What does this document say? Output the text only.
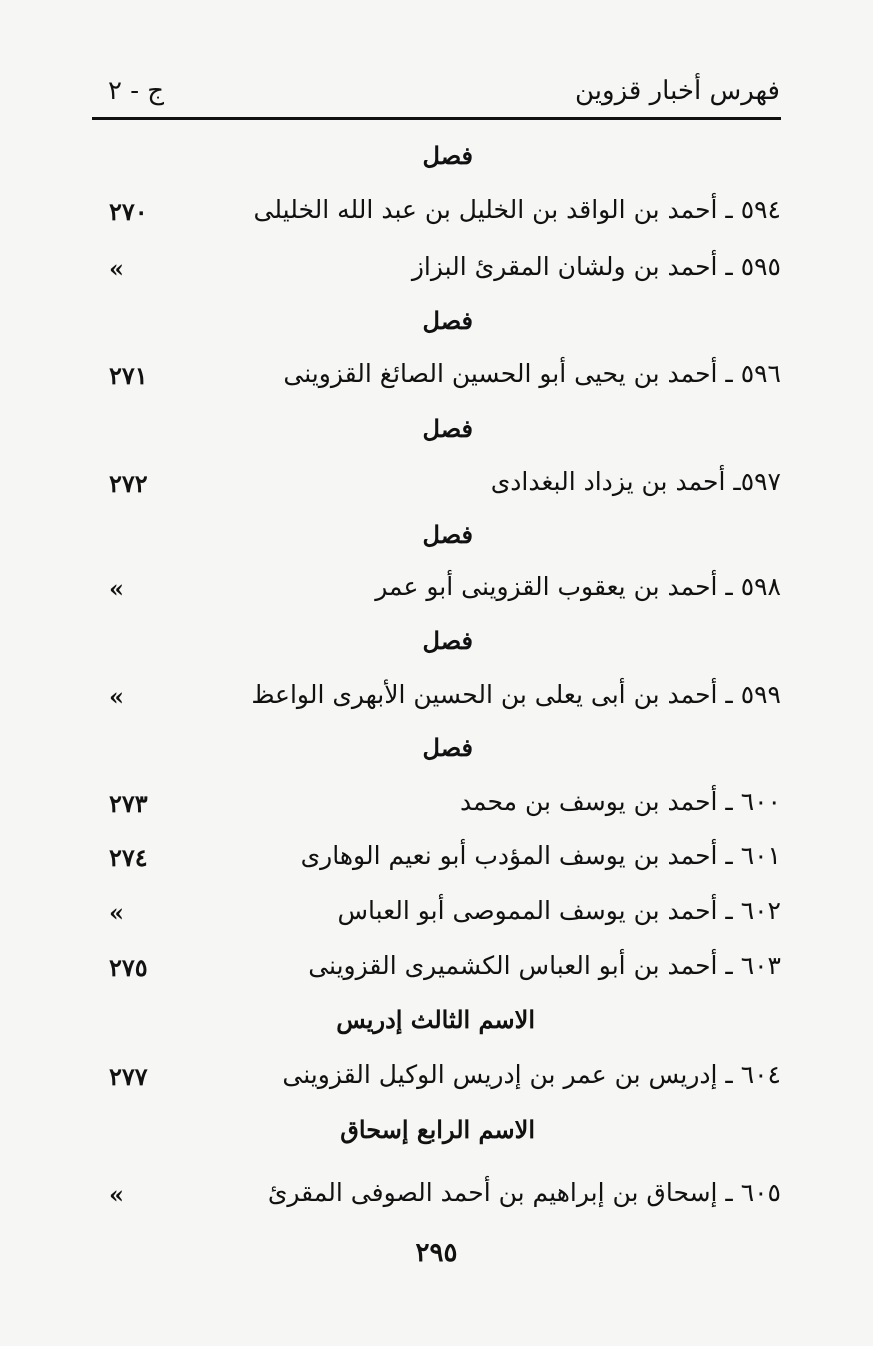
فهرس أخبار قزوين
ج - ٢
فصل
٥٩٤ ـ أحمد بن الواقد بن الخليل بن عبد الله الخليلى
٢٧٠
٥٩٥ ـ أحمد بن ولشان المقرئ البزاز
»
فصل
٥٩٦ ـ أحمد بن يحيى أبو الحسين الصائغ القزوينى
٢٧١
فصل
٥٩٧ـ أحمد بن يزداد البغدادى
٢٧٢
فصل
٥٩٨ ـ أحمد بن يعقوب القزوينى أبو عمر
»
فصل
٥٩٩ ـ أحمد بن أبى يعلى بن الحسين الأبهرى الواعظ
»
فصل
٦٠٠ ـ أحمد بن يوسف بن محمد
٢٧٣
٦٠١ ـ أحمد بن يوسف المؤدب أبو نعيم الوهارى
٢٧٤
٦٠٢ ـ أحمد بن يوسف المموصى أبو العباس
»
٦٠٣ ـ أحمد بن أبو العباس الكشميرى القزوينى
٢٧٥
الاسم الثالث إدريس
٦٠٤ ـ إدريس بن عمر بن إدريس الوكيل القزوينى
٢٧٧
الاسم الرابع إسحاق
٦٠٥ ـ إسحاق بن إبراهيم بن أحمد الصوفى المقرئ
»
٢٩٥
